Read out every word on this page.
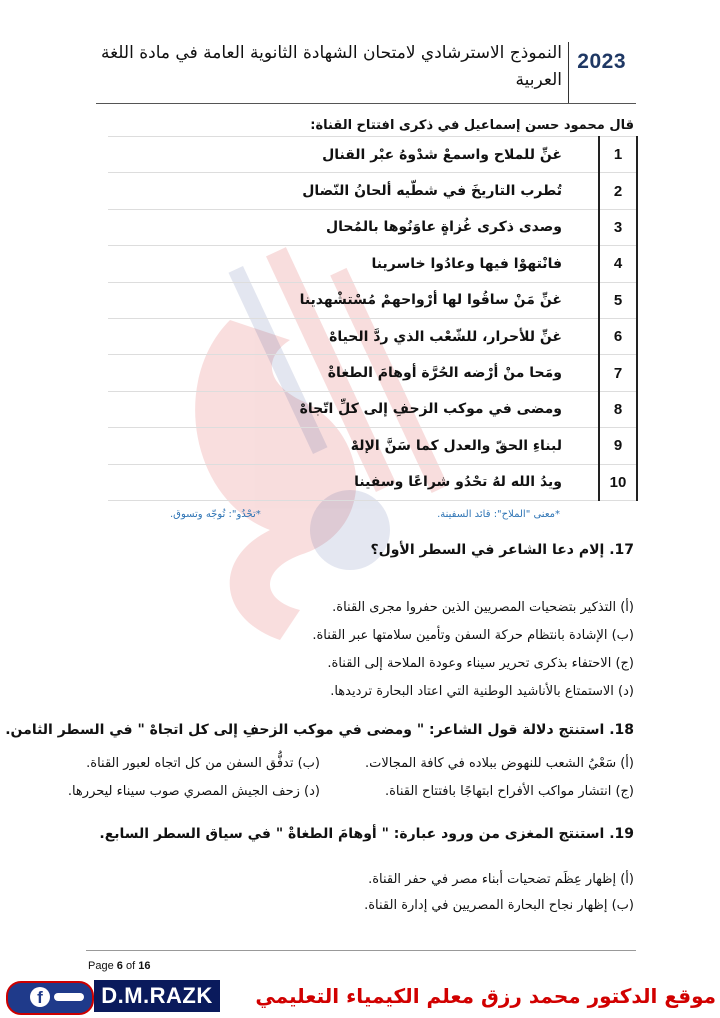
النموذج الاسترشادي لامتحان الشهادة الثانوية العامة في مادة اللغة العربية
2023
قال محمود حسن إسماعيل في ذكرى افتتاح القناة:
غنِّ للملاح واسمعْ شدْوهُ عبْر القنال	1
تُطرب التاريخَ في شطّيه ألحانُ النّضال	2
وصدى ذكرى غُزاةٍ عاوَنُوها بالمُحال	3
فانْتهوْا فيها وعادُوا خاسرينا	4
غنِّ مَنْ ساقُوا لها أرْواحهمْ مُسْتشْهدينا	5
غنِّ للأحرار، للشّعْب الذي ردَّ الحياهْ	6
ومَحا منْ أرْضه الحُرَّة أوهامَ الطغاةْ	7
ومضى في موكب الزحفِ إلى كلِّ اتّجاهْ	8
لبناءِ الحقّ والعدل كما سَنَّ الإلهْ	9
ويدُ الله لهُ تحْدُو شراعًا وسفينا	10
*معنى "الملاح": قائد السفينة.
*تحْدُو": تُوجّه وتسوق.
17. إلام دعا الشاعر في السطر الأول؟
(أ) التذكير بتضحيات المصريين الذين حفروا مجرى القناة.
(ب) الإشادة بانتظام حركة السفن وتأمين سلامتها عبر القناة.
(ج) الاحتفاء بذكرى تحرير سيناء وعودة الملاحة إلى القناة.
(د) الاستمتاع بالأناشيد الوطنية التي اعتاد البحارة ترديدها.
18. استنتج دلالة قول الشاعر: " ومضى في موكب الزحفِ إلى كل اتجاهْ " في السطر الثامن.
(أ) سَعْيُ الشعب للنهوض ببلاده في كافة المجالات.
(ب) تدفُّق السفن من كل اتجاه لعبور القناة.
(ج) انتشار مواكب الأفراح ابتهاجًا بافتتاح القناة.
(د) زحف الجيش المصري صوب سيناء ليحررها.
19. استنتج المغزى من ورود عبارة: " أوهامَ الطغاةْ " في سياق السطر السابع.
(أ) إظهار عِظَم تضحيات أبناء مصر في حفر القناة.
(ب) إظهار نجاح البحارة المصريين في إدارة القناة.
Page 6 of 16
f	D.M.RAZK	موقع الدكتور محمد رزق معلم الكيمياء التعليمي
